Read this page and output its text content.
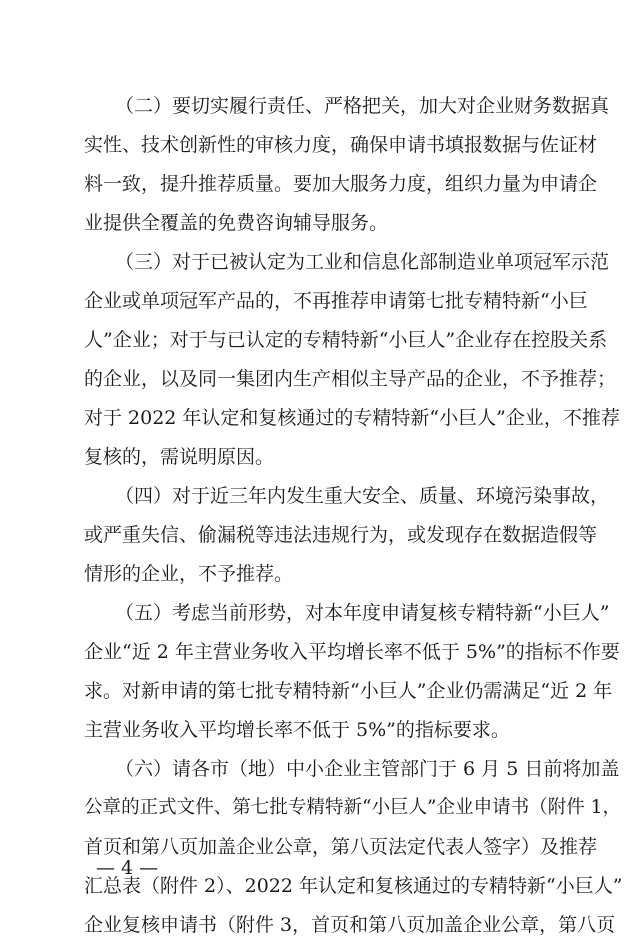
（二）要切实履行责任、严格把关，加大对企业财务数据真
实性、技术创新性的审核力度，确保申请书填报数据与佐证材
料一致，提升推荐质量。要加大服务力度，组织力量为申请企
业提供全覆盖的免费咨询辅导服务。
（三）对于已被认定为工业和信息化部制造业单项冠军示范
企业或单项冠军产品的，不再推荐申请第七批专精特新“小巨
人”企业；对于与已认定的专精特新“小巨人”企业存在控股关系
的企业，以及同一集团内生产相似主导产品的企业，不予推荐；
对于 2022 年认定和复核通过的专精特新“小巨人”企业，不推荐
复核的，需说明原因。
（四）对于近三年内发生重大安全、质量、环境污染事故，
或严重失信、偷漏税等违法违规行为，或发现存在数据造假等
情形的企业，不予推荐。
（五）考虑当前形势，对本年度申请复核专精特新“小巨人”
企业“近 2 年主营业务收入平均增长率不低于 5%”的指标不作要
求。对新申请的第七批专精特新“小巨人”企业仍需满足“近 2 年
主营业务收入平均增长率不低于 5%”的指标要求。
（六）请各市（地）中小企业主管部门于 6 月 5 日前将加盖
公章的正式文件、第七批专精特新“小巨人”企业申请书（附件 1，
首页和第八页加盖企业公章，第八页法定代表人签字）及推荐
汇总表（附件 2）、2022 年认定和复核通过的专精特新“小巨人”
企业复核申请书（附件 3，首页和第八页加盖企业公章，第八页
— 4 —
